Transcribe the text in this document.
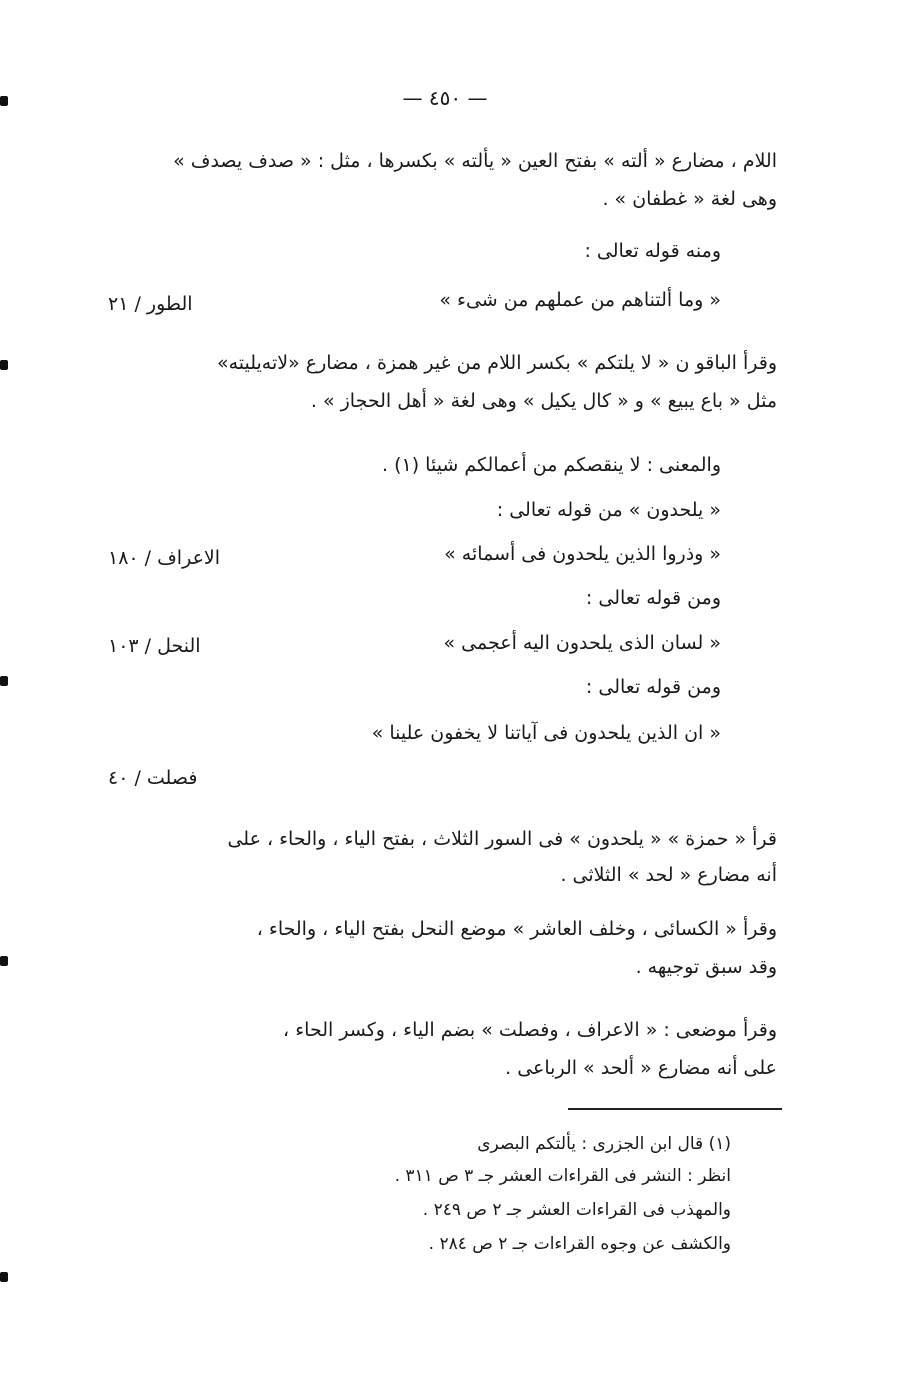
— ٤٥٠ —
اللام ، مضارع « ألته » بفتح العين « يألته » بكسرها ، مثل : « صدف يصدف »
وهى لغة « غطفان » .
ومنه قوله تعالى :
« وما ألتناهم من عملهم من شىء »
الطور / ٢١
وقرأ الباقو ن « لا يلتكم » بكسر اللام من غير همزة ، مضارع «لاته‌يليته»
مثل « باع يبيع » و « كال يكيل » وهى لغة « أهل الحجاز » .
والمعنى : لا ينقصكم من أعمالكم شيئا (١) .
« يلحدون » من قوله تعالى :
« وذروا الذين يلحدون فى أسمائه »
الاعراف / ١٨٠
ومن قوله تعالى :
« لسان الذى يلحدون اليه أعجمى »
النحل / ١٠٣
ومن قوله تعالى :
« ان الذين يلحدون فى آياتنا لا يخفون علينا »
فصلت / ٤٠
قرأ « حمزة » « يلحدون » فى السور الثلاث ، بفتح الياء ، والحاء ، على
أنه مضارع « لحد » الثلاثى .
وقرأ « الكسائى ، وخلف العاشر » موضع النحل بفتح الياء ، والحاء ،
وقد سبق توجيهه .
وقرأ موضعى : « الاعراف ، وفصلت » بضم الياء ، وكسر الحاء ،
على أنه مضارع « ألحد » الرباعى .
(١) قال ابن الجزرى : يألتكم البصرى
انظر : النشر فى القراءات العشر جـ ٣ ص ٣١١ .
والمهذب فى القراءات العشر جـ ٢ ص ٢٤٩ .
والكشف عن وجوه القراءات جـ ٢ ص ٢٨٤ .
